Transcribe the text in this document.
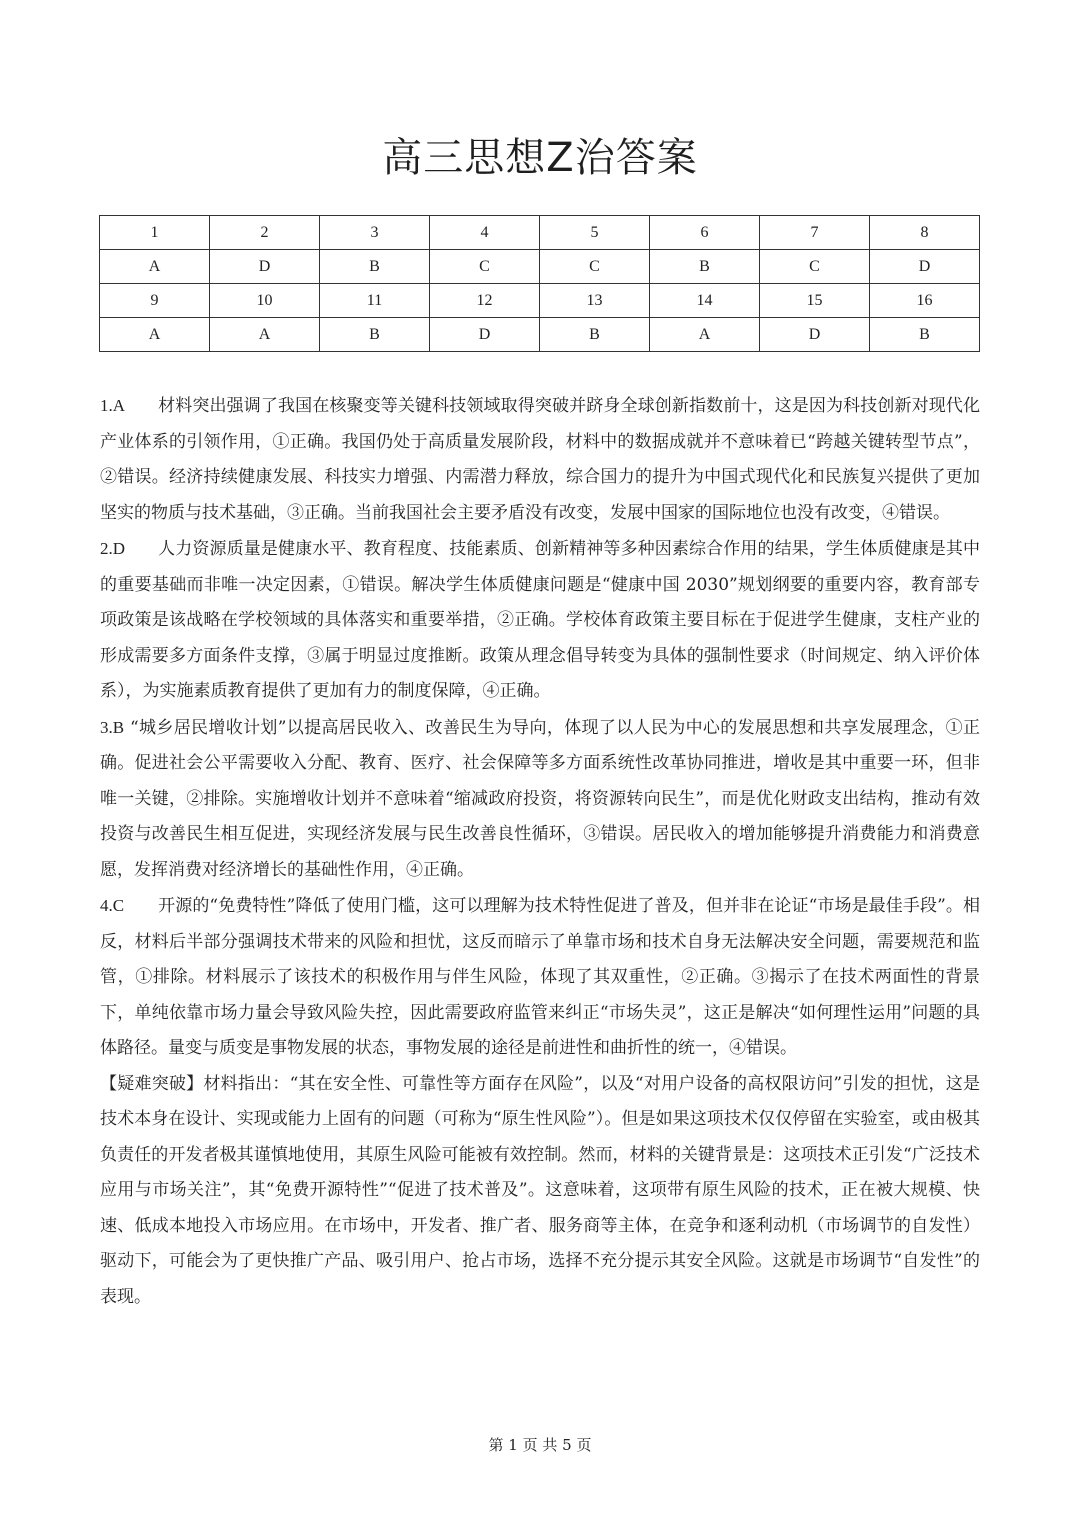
高三思想Z治答案
1	2	3	4	5	6	7	8
A	D	B	C	C	B	C	D
9	10	11	12	13	14	15	16
A	A	B	D	B	A	D	B

1.A 材料突出强调了我国在核聚变等关键科技领域取得突破并跻身全球创新指数前十，这是因为科技创新对现代化产业体系的引领作用，①正确。我国仍处于高质量发展阶段，材料中的数据成就并不意味着已“跨越关键转型节点”，②错误。经济持续健康发展、科技实力增强、内需潜力释放，综合国力的提升为中国式现代化和民族复兴提供了更加坚实的物质与技术基础，③正确。当前我国社会主要矛盾没有改变，发展中国家的国际地位也没有改变，④错误。

2.D 人力资源质量是健康水平、教育程度、技能素质、创新精神等多种因素综合作用的结果，学生体质健康是其中的重要基础而非唯一决定因素，①错误。解决学生体质健康问题是“健康中国 2030”规划纲要的重要内容，教育部专项政策是该战略在学校领域的具体落实和重要举措，②正确。学校体育政策主要目标在于促进学生健康，支柱产业的形成需要多方面条件支撑，③属于明显过度推断。政策从理念倡导转变为具体的强制性要求（时间规定、纳入评价体系），为实施素质教育提供了更加有力的制度保障，④正确。

3.B “城乡居民增收计划”以提高居民收入、改善民生为导向，体现了以人民为中心的发展思想和共享发展理念，①正确。促进社会公平需要收入分配、教育、医疗、社会保障等多方面系统性改革协同推进，增收是其中重要一环，但非唯一关键，②排除。实施增收计划并不意味着“缩减政府投资，将资源转向民生”，而是优化财政支出结构，推动有效投资与改善民生相互促进，实现经济发展与民生改善良性循环，③错误。居民收入的增加能够提升消费能力和消费意愿，发挥消费对经济增长的基础性作用，④正确。

4.C 开源的“免费特性”降低了使用门槛，这可以理解为技术特性促进了普及，但并非在论证“市场是最佳手段”。相反，材料后半部分强调技术带来的风险和担忧，这反而暗示了单靠市场和技术自身无法解决安全问题，需要规范和监管，①排除。材料展示了该技术的积极作用与伴生风险，体现了其双重性，②正确。③揭示了在技术两面性的背景下，单纯依靠市场力量会导致风险失控，因此需要政府监管来纠正“市场失灵”，这正是解决“如何理性运用”问题的具体路径。量变与质变是事物发展的状态，事物发展的途径是前进性和曲折性的统一，④错误。

【疑难突破】材料指出：“其在安全性、可靠性等方面存在风险”，以及“对用户设备的高权限访问”引发的担忧，这是技术本身在设计、实现或能力上固有的问题（可称为“原生性风险”）。但是如果这项技术仅仅停留在实验室，或由极其负责任的开发者极其谨慎地使用，其原生风险可能被有效控制。然而，材料的关键背景是：这项技术正引发“广泛技术应用与市场关注”，其“免费开源特性”“促进了技术普及”。这意味着，这项带有原生风险的技术，正在被大规模、快速、低成本地投入市场应用。在市场中，开发者、推广者、服务商等主体，在竞争和逐利动机（市场调节的自发性）驱动下，可能会为了更快推广产品、吸引用户、抢占市场，选择不充分提示其安全风险。这就是市场调节“自发性”的表现。

第 1 页 共 5 页
